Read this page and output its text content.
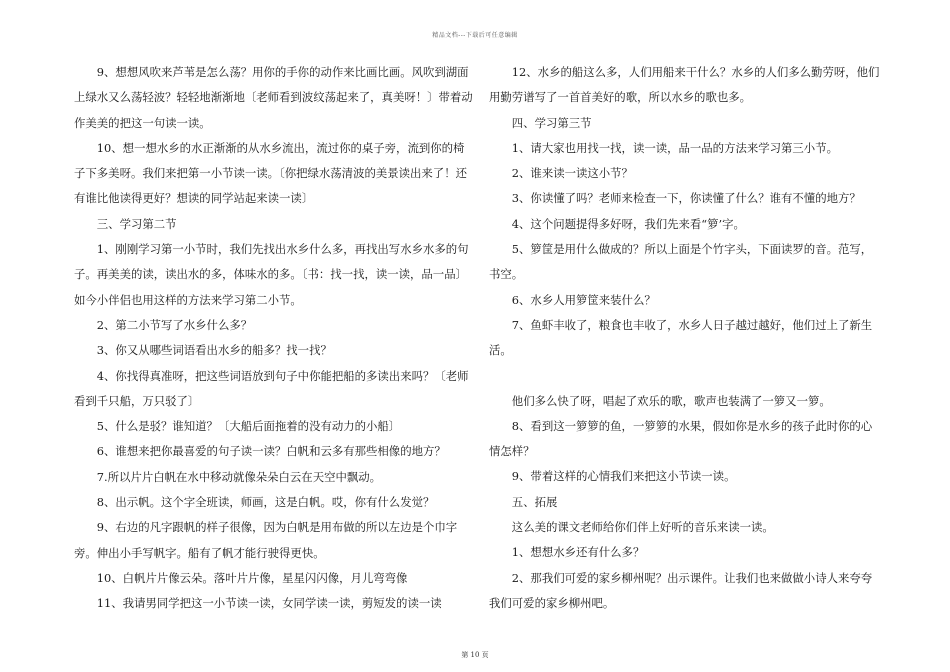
精品文档---下载后可任意编辑

9、想想风吹来芦苇是怎么荡？用你的手你的动作来比画比画。风吹到湖面上绿水又么荡轻波？轻轻地渐渐地〔老师看到波纹荡起来了，真美呀！〕带着动作美美的把这一句读一读。

10、想一想水乡的水正渐渐的从水乡流出，流过你的桌子旁，流到你的椅子下多美呀。我们来把第一小节读一读。〔你把绿水荡清波的美景读出来了！还有谁比他读得更好？想读的同学站起来读一读〕

三、学习第二节

1、刚刚学习第一小节时，我们先找出水乡什么多，再找出写水乡水多的句子。再美美的读，读出水的多，体味水的多。〔书：找一找，读一读，品一品〕如今小伴侣也用这样的方法来学习第二小节。

2、第二小节写了水乡什么多？

3、你又从哪些词语看出水乡的船多？找一找？

4、你找得真准呀，把这些词语放到句子中你能把船的多读出来吗？〔老师看到千只船，万只驳了〕

5、什么是驳？谁知道？〔大船后面拖着的没有动力的小船〕

6、谁想来把你最喜爱的句子读一读？白帆和云多有那些相像的地方？

7.所以片片白帆在水中移动就像朵朵白云在天空中飘动。

8、出示帆。这个字全班读，师画，这是白帆。哎，你有什么发觉？

9、右边的凡字跟帆的样子很像，因为白帆是用布做的所以左边是个巾字旁。伸出小手写帆字。船有了帆才能行驶得更快。

10、白帆片片像云朵。落叶片片像，星星闪闪像，月儿弯弯像

11、我请男同学把这一小节读一读，女同学读一读，剪短发的读一读

12、水乡的船这么多，人们用船来干什么？水乡的人们多么勤劳呀，他们用勤劳谱写了一首首美好的歌，所以水乡的歌也多。

四、学习第三节

1、请大家也用找一找，读一读，品一品的方法来学习第三小节。

2、谁来读一读这小节？

3、你读懂了吗？老师来检查一下，你读懂了什么？谁有不懂的地方？

4、这个问题提得多好呀，我们先来看“箩’字。

5、箩筐是用什么做成的？所以上面是个竹字头，下面读罗的音。范写，书空。

6、水乡人用箩筐来装什么？

7、鱼虾丰收了，粮食也丰收了，水乡人日子越过越好，他们过上了新生活。

他们多么快了呀，唱起了欢乐的歌，歌声也装满了一箩又一箩。

8、看到这一箩箩的鱼，一箩箩的水果，假如你是水乡的孩子此时你的心情怎样？

9、带着这样的心情我们来把这小节读一读。

五、拓展

这么美的课文老师给你们伴上好听的音乐来读一读。

1、想想水乡还有什么多？

2、那我们可爱的家乡柳州呢？出示课件。让我们也来做做小诗人来夸夸我们可爱的家乡柳州吧。

第 10 页
